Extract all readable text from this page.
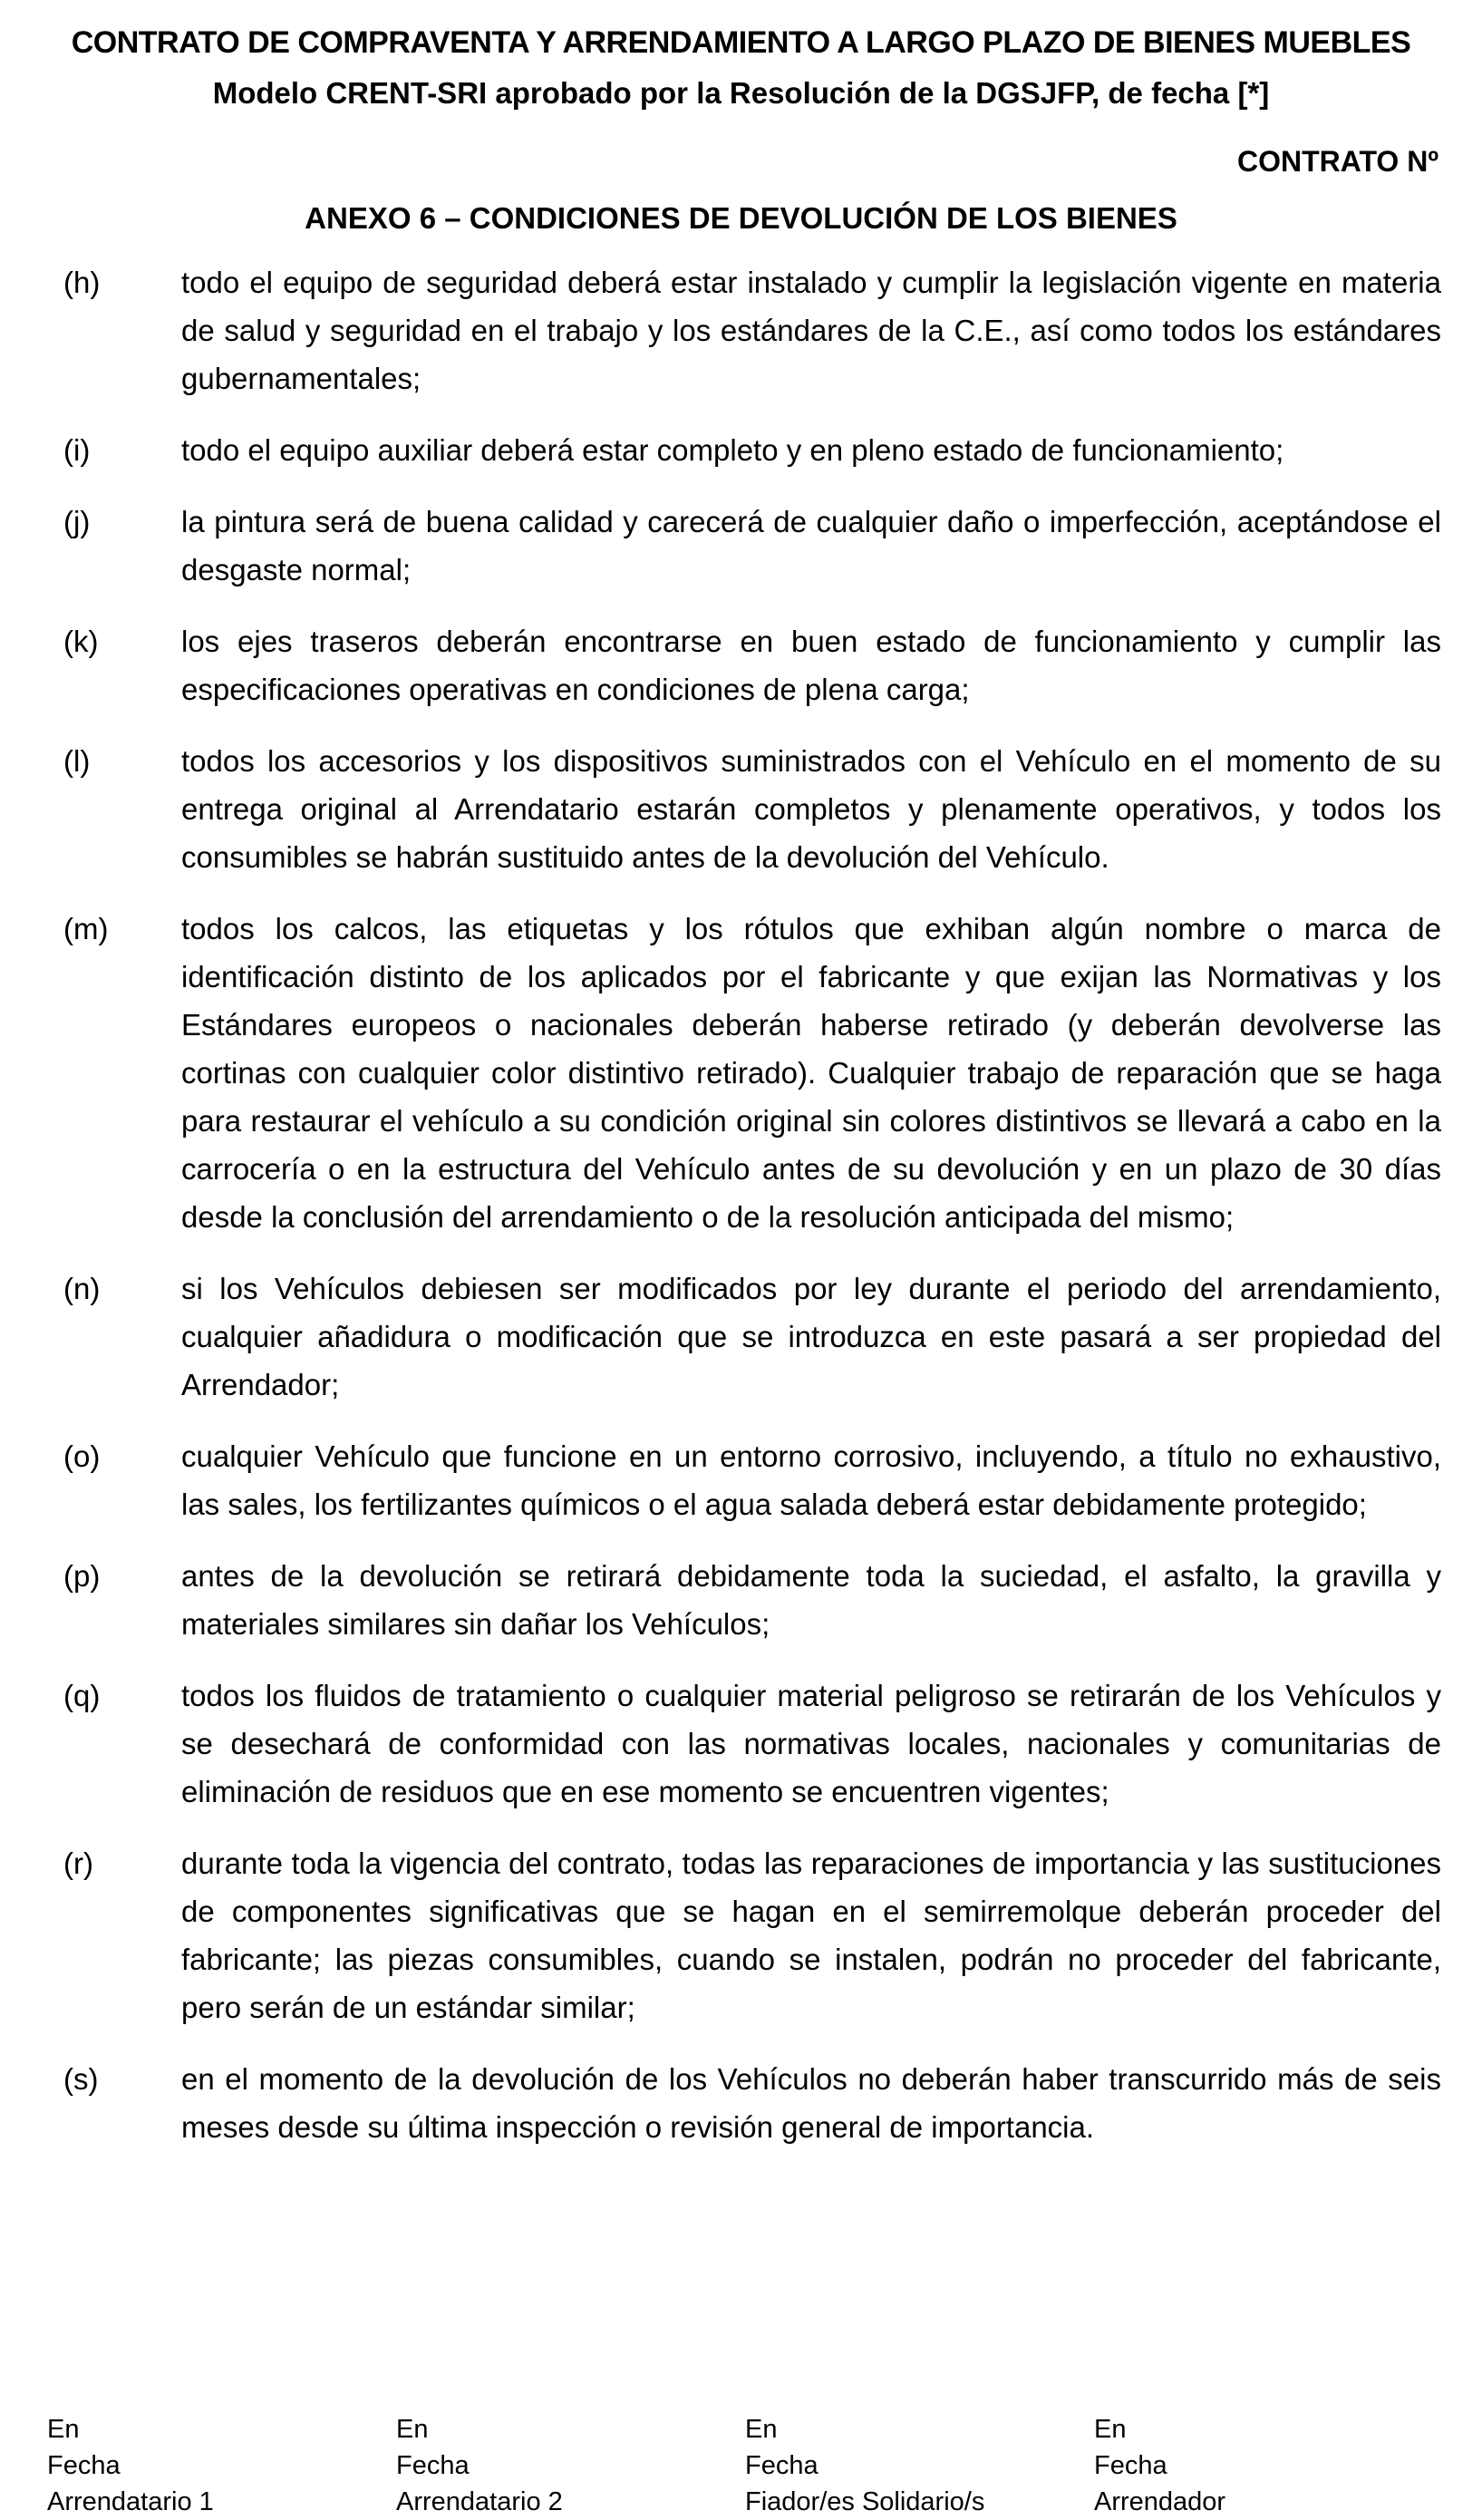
CONTRATO DE COMPRAVENTA Y ARRENDAMIENTO A LARGO PLAZO DE BIENES MUEBLES
Modelo CRENT-SRI aprobado por la Resolución de la DGSJFP, de fecha [*]
CONTRATO Nº
ANEXO 6 – CONDICIONES DE DEVOLUCIÓN DE LOS BIENES
(h)	todo el equipo de seguridad deberá estar instalado y cumplir la legislación vigente en materia de salud y seguridad en el trabajo y los estándares de la C.E., así como todos los estándares gubernamentales;
(i)	todo el equipo auxiliar deberá estar completo y en pleno estado de funcionamiento;
(j)	la pintura será de buena calidad y carecerá de cualquier daño o imperfección, aceptándose el desgaste normal;
(k)	los ejes traseros deberán encontrarse en buen estado de funcionamiento y cumplir las especificaciones operativas en condiciones de plena carga;
(l)	todos los accesorios y los dispositivos suministrados con el Vehículo en el momento de su entrega original al Arrendatario estarán completos y plenamente operativos, y todos los consumibles se habrán sustituido antes de la devolución del Vehículo.
(m)	todos los calcos, las etiquetas y los rótulos que exhiban algún nombre o marca de identificación distinto de los aplicados por el fabricante y que exijan las Normativas y los Estándares europeos o nacionales deberán haberse retirado (y deberán devolverse las cortinas con cualquier color distintivo retirado). Cualquier trabajo de reparación que se haga para restaurar el vehículo a su condición original sin colores distintivos se llevará a cabo en la carrocería o en la estructura del Vehículo antes de su devolución y en un plazo de 30 días desde la conclusión del arrendamiento o de la resolución anticipada del mismo;
(n)	si los Vehículos debiesen ser modificados por ley durante el periodo del arrendamiento, cualquier añadidura o modificación que se introduzca en este pasará a ser propiedad del Arrendador;
(o)	cualquier Vehículo que funcione en un entorno corrosivo, incluyendo, a título no exhaustivo, las sales, los fertilizantes químicos o el agua salada deberá estar debidamente protegido;
(p)	antes de la devolución se retirará debidamente toda la suciedad, el asfalto, la gravilla y materiales similares sin dañar los Vehículos;
(q)	todos los fluidos de tratamiento o cualquier material peligroso se retirarán de los Vehículos y se desechará de conformidad con las normativas locales, nacionales y comunitarias de eliminación de residuos que en ese momento se encuentren vigentes;
(r)	durante toda la vigencia del contrato, todas las reparaciones de importancia y las sustituciones de componentes significativas que se hagan en el semirremolque deberán proceder del fabricante; las piezas consumibles, cuando se instalen, podrán no proceder del fabricante, pero serán de un estándar similar;
(s)	en el momento de la devolución de los Vehículos no deberán haber transcurrido más de seis meses desde su última inspección o revisión general de importancia.
En
Fecha
Arrendatario 1
En
Fecha
Arrendatario 2
En
Fecha
Fiador/es Solidario/s
En
Fecha
Arrendador
